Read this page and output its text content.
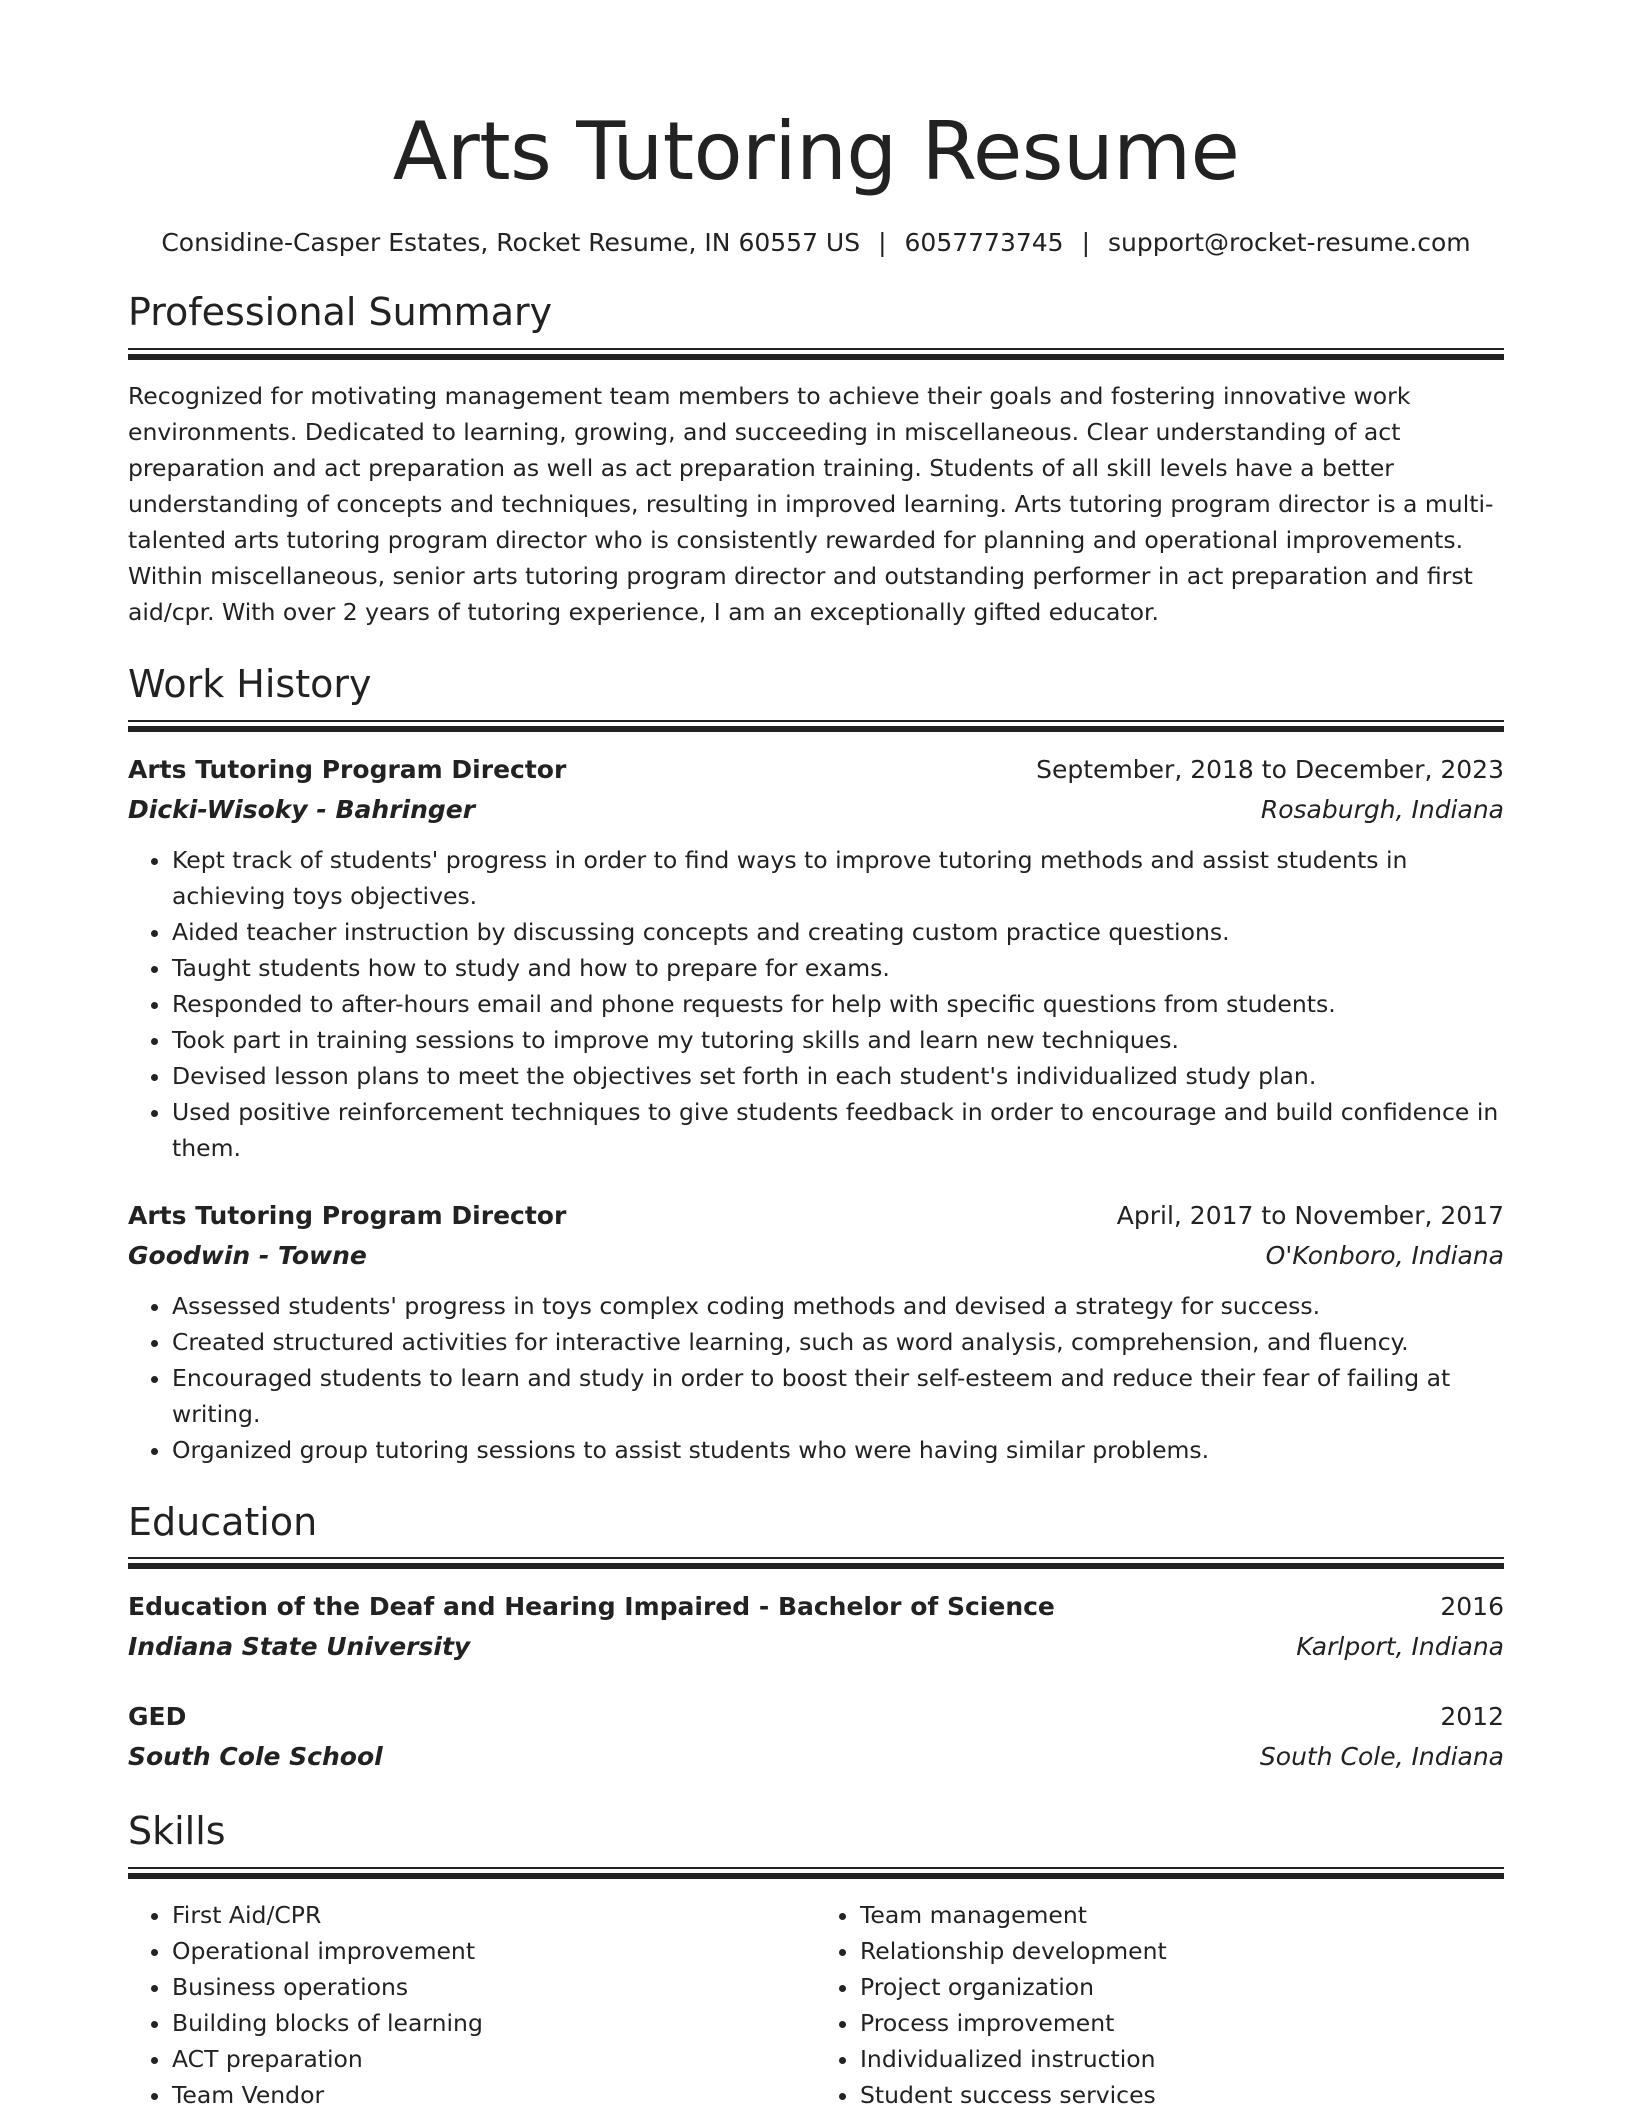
Arts Tutoring Resume
Considine-Casper Estates, Rocket Resume, IN 60557 US | 6057773745 | support@rocket-resume.com
Professional Summary

Recognized for motivating management team members to achieve their goals and fostering innovative work environments. Dedicated to learning, growing, and succeeding in miscellaneous. Clear understanding of act preparation and act preparation as well as act preparation training. Students of all skill levels have a better understanding of concepts and techniques, resulting in improved learning. Arts tutoring program director is a multi-talented arts tutoring program director who is consistently rewarded for planning and operational improvements. Within miscellaneous, senior arts tutoring program director and outstanding performer in act preparation and first aid/cpr. With over 2 years of tutoring experience, I am an exceptionally gifted educator.

Work History
Arts Tutoring Program Director	September, 2018 to December, 2023
Dicki-Wisoky - Bahringer	Rosaburgh, Indiana
• Kept track of students' progress in order to find ways to improve tutoring methods and assist students in achieving toys objectives.
• Aided teacher instruction by discussing concepts and creating custom practice questions.
• Taught students how to study and how to prepare for exams.
• Responded to after-hours email and phone requests for help with specific questions from students.
• Took part in training sessions to improve my tutoring skills and learn new techniques.
• Devised lesson plans to meet the objectives set forth in each student's individualized study plan.
• Used positive reinforcement techniques to give students feedback in order to encourage and build confidence in them.
Arts Tutoring Program Director	April, 2017 to November, 2017
Goodwin - Towne	O'Konboro, Indiana
• Assessed students' progress in toys complex coding methods and devised a strategy for success.
• Created structured activities for interactive learning, such as word analysis, comprehension, and fluency.
• Encouraged students to learn and study in order to boost their self-esteem and reduce their fear of failing at writing.
• Organized group tutoring sessions to assist students who were having similar problems.
Education
Education of the Deaf and Hearing Impaired - Bachelor of Science	2016
Indiana State University	Karlport, Indiana
GED	2012
South Cole School	South Cole, Indiana
Skills
• First Aid/CPR
• Operational improvement
• Business operations
• Building blocks of learning
• ACT preparation
• Team Vendor
• Team management
• Relationship development
• Project organization
• Process improvement
• Individualized instruction
• Student success services
